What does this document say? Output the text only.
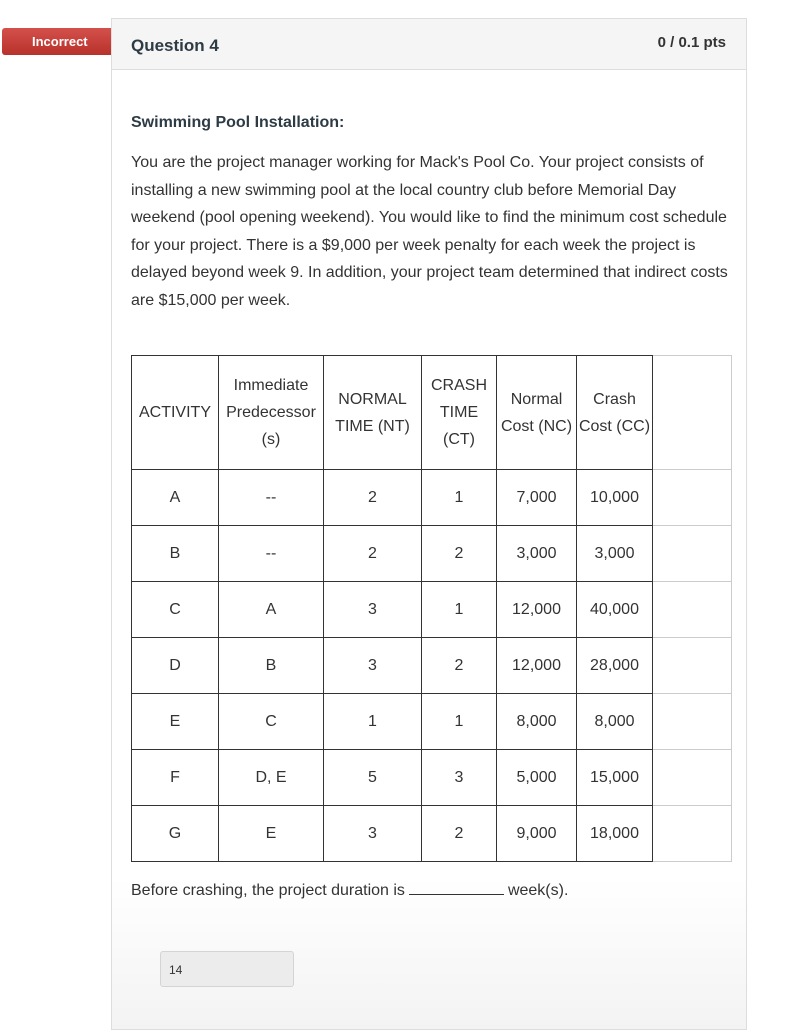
Incorrect	Question 4	0 / 0.1 pts
Swimming Pool Installation:
You are the project manager working for Mack's Pool Co. Your project consists of installing a new swimming pool at the local country club before Memorial Day weekend (pool opening weekend). You would like to find the minimum cost schedule for your project. There is a $9,000 per week penalty for each week the project is delayed beyond week 9. In addition, your project team determined that indirect costs are $15,000 per week.
ACTIVITY	Immediate Predecessor (s)	NORMAL TIME (NT)	CRASH TIME (CT)	Normal Cost (NC)	Crash Cost (CC)	
A	--	2	1	7,000	10,000	
B	--	2	2	3,000	3,000	
C	A	3	1	12,000	40,000	
D	B	3	2	12,000	28,000	
E	C	1	1	8,000	8,000	
F	D, E	5	3	5,000	15,000	
G	E	3	2	9,000	18,000	
Before crashing, the project duration is	week(s).
14
